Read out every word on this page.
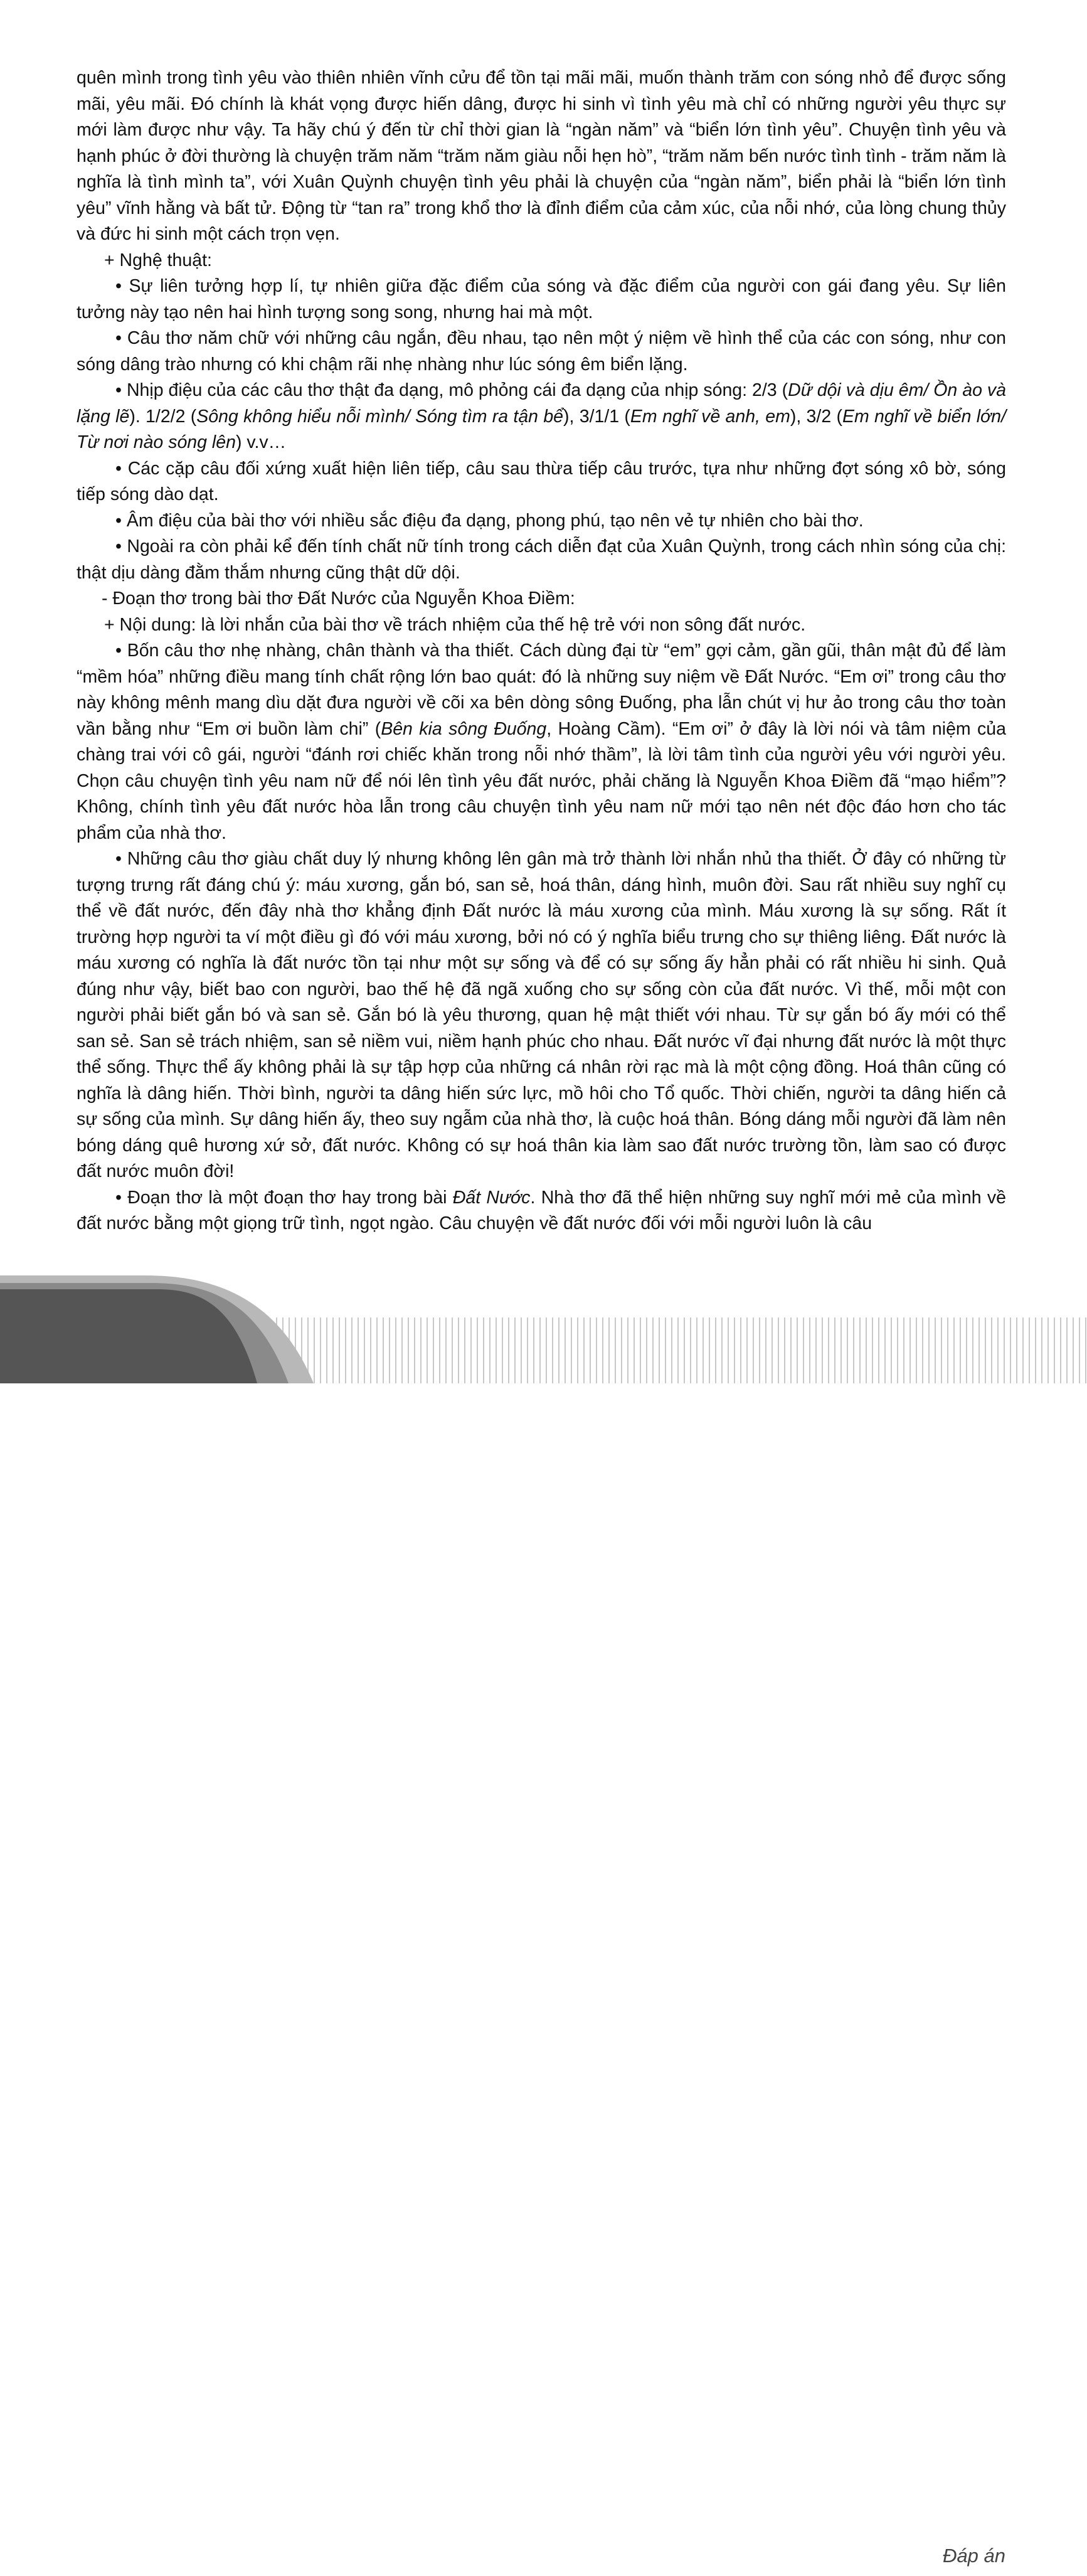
quên mình trong tình yêu vào thiên nhiên vĩnh cửu để tồn tại mãi mãi, muốn thành trăm con sóng nhỏ để được sống mãi, yêu mãi. Đó chính là khát vọng được hiến dâng, được hi sinh vì tình yêu mà chỉ có những người yêu thực sự mới làm được như vậy. Ta hãy chú ý đến từ chỉ thời gian là “ngàn năm” và “biển lớn tình yêu”. Chuyện tình yêu và hạnh phúc ở đời thường là chuyện trăm năm “trăm năm giàu nỗi hẹn hò”, “trăm năm bến nước tình tình - trăm năm là nghĩa là tình mình ta”, với Xuân Quỳnh chuyện tình yêu phải là chuyện của “ngàn năm”, biển phải là “biển lớn tình yêu” vĩnh hằng và bất tử. Động từ “tan ra” trong khổ thơ là đỉnh điểm của cảm xúc, của nỗi nhớ, của lòng chung thủy và đức hi sinh một cách trọn vẹn.

+ Nghệ thuật:

• Sự liên tưởng hợp lí, tự nhiên giữa đặc điểm của sóng và đặc điểm của người con gái đang yêu. Sự liên tưởng này tạo nên hai hình tượng song song, nhưng hai mà một.

• Câu thơ năm chữ với những câu ngắn, đều nhau, tạo nên một ý niệm về hình thể của các con sóng, như con sóng dâng trào nhưng có khi chậm rãi nhẹ nhàng như lúc sóng êm biển lặng.

• Nhịp điệu của các câu thơ thật đa dạng, mô phỏng cái đa dạng của nhịp sóng: 2/3 (Dữ dội và dịu êm/ Ồn ào và lặng lẽ). 1/2/2 (Sông không hiểu nỗi mình/ Sóng tìm ra tận bể), 3/1/1 (Em nghĩ về anh, em), 3/2 (Em nghĩ về biển lớn/ Từ nơi nào sóng lên) v.v…

• Các cặp câu đối xứng xuất hiện liên tiếp, câu sau thừa tiếp câu trước, tựa như những đợt sóng xô bờ, sóng tiếp sóng dào dạt.

• Âm điệu của bài thơ với nhiều sắc điệu đa dạng, phong phú, tạo nên vẻ tự nhiên cho bài thơ.

• Ngoài ra còn phải kể đến tính chất nữ tính trong cách diễn đạt của Xuân Quỳnh, trong cách nhìn sóng của chị: thật dịu dàng đằm thắm nhưng cũng thật dữ dội.

- Đoạn thơ trong bài thơ Đất Nước của Nguyễn Khoa Điềm:

+ Nội dung: là lời nhắn của bài thơ về trách nhiệm của thế hệ trẻ với non sông đất nước.

• Bốn câu thơ nhẹ nhàng, chân thành và tha thiết. Cách dùng đại từ “em” gợi cảm, gần gũi, thân mật đủ để làm “mềm hóa” những điều mang tính chất rộng lớn bao quát: đó là những suy niệm về Đất Nước. “Em ơi” trong câu thơ này không mênh mang dìu dặt đưa người về cõi xa bên dòng sông Đuống, pha lẫn chút vị hư ảo trong câu thơ toàn vần bằng như “Em ơi buồn làm chi” (Bên kia sông Đuống, Hoàng Cầm). “Em ơi” ở đây là lời nói và tâm niệm của chàng trai với cô gái, người “đánh rơi chiếc khăn trong nỗi nhớ thầm”, là lời tâm tình của người yêu với người yêu. Chọn câu chuyện tình yêu nam nữ để nói lên tình yêu đất nước, phải chăng là Nguyễn Khoa Điềm đã “mạo hiểm”? Không, chính tình yêu đất nước hòa lẫn trong câu chuyện tình yêu nam nữ mới tạo nên nét độc đáo hơn cho tác phẩm của nhà thơ.

• Những câu thơ giàu chất duy lý nhưng không lên gân mà trở thành lời nhắn nhủ tha thiết. Ở đây có những từ tượng trưng rất đáng chú ý: máu xương, gắn bó, san sẻ, hoá thân, dáng hình, muôn đời. Sau rất nhiều suy nghĩ cụ thể về đất nước, đến đây nhà thơ khẳng định Đất nước là máu xương của mình. Máu xương là sự sống. Rất ít trường hợp người ta ví một điều gì đó với máu xương, bởi nó có ý nghĩa biểu trưng cho sự thiêng liêng. Đất nước là máu xương có nghĩa là đất nước tồn tại như một sự sống và để có sự sống ấy hẳn phải có rất nhiều hi sinh. Quả đúng như vậy, biết bao con người, bao thế hệ đã ngã xuống cho sự sống còn của đất nước. Vì thế, mỗi một con người phải biết gắn bó và san sẻ. Gắn bó là yêu thương, quan hệ mật thiết với nhau. Từ sự gắn bó ấy mới có thể san sẻ. San sẻ trách nhiệm, san sẻ niềm vui, niềm hạnh phúc cho nhau. Đất nước vĩ đại nhưng đất nước là một thực thể sống. Thực thể ấy không phải là sự tập hợp của những cá nhân rời rạc mà là một cộng đồng. Hoá thân cũng có nghĩa là dâng hiến. Thời bình, người ta dâng hiến sức lực, mồ hôi cho Tổ quốc. Thời chiến, người ta dâng hiến cả sự sống của mình. Sự dâng hiến ấy, theo suy ngẫm của nhà thơ, là cuộc hoá thân. Bóng dáng mỗi người đã làm nên bóng dáng quê hương xứ sở, đất nước. Không có sự hoá thân kia làm sao đất nước trường tồn, làm sao có được đất nước muôn đời!

• Đoạn thơ là một đoạn thơ hay trong bài Đất Nước. Nhà thơ đã thể hiện những suy nghĩ mới mẻ của mình về đất nước bằng một giọng trữ tình, ngọt ngào. Câu chuyện về đất nước đối với mỗi người luôn là câu

216	Đáp án
